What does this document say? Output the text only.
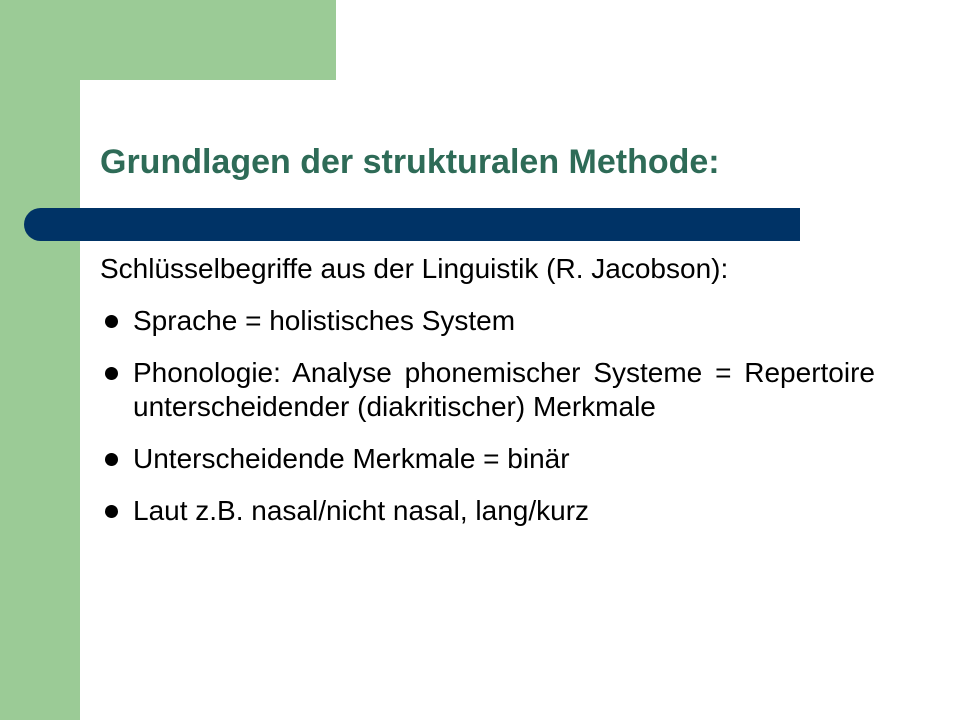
Grundlagen der strukturalen Methode:

Schlüsselbegriffe aus der Linguistik (R. Jacobson):

Sprache = holistisches System
Phonologie: Analyse phonemischer Systeme = Repertoire unterscheidender (diakritischer) Merkmale
Unterscheidende Merkmale = binär
Laut z.B. nasal/nicht nasal, lang/kurz
